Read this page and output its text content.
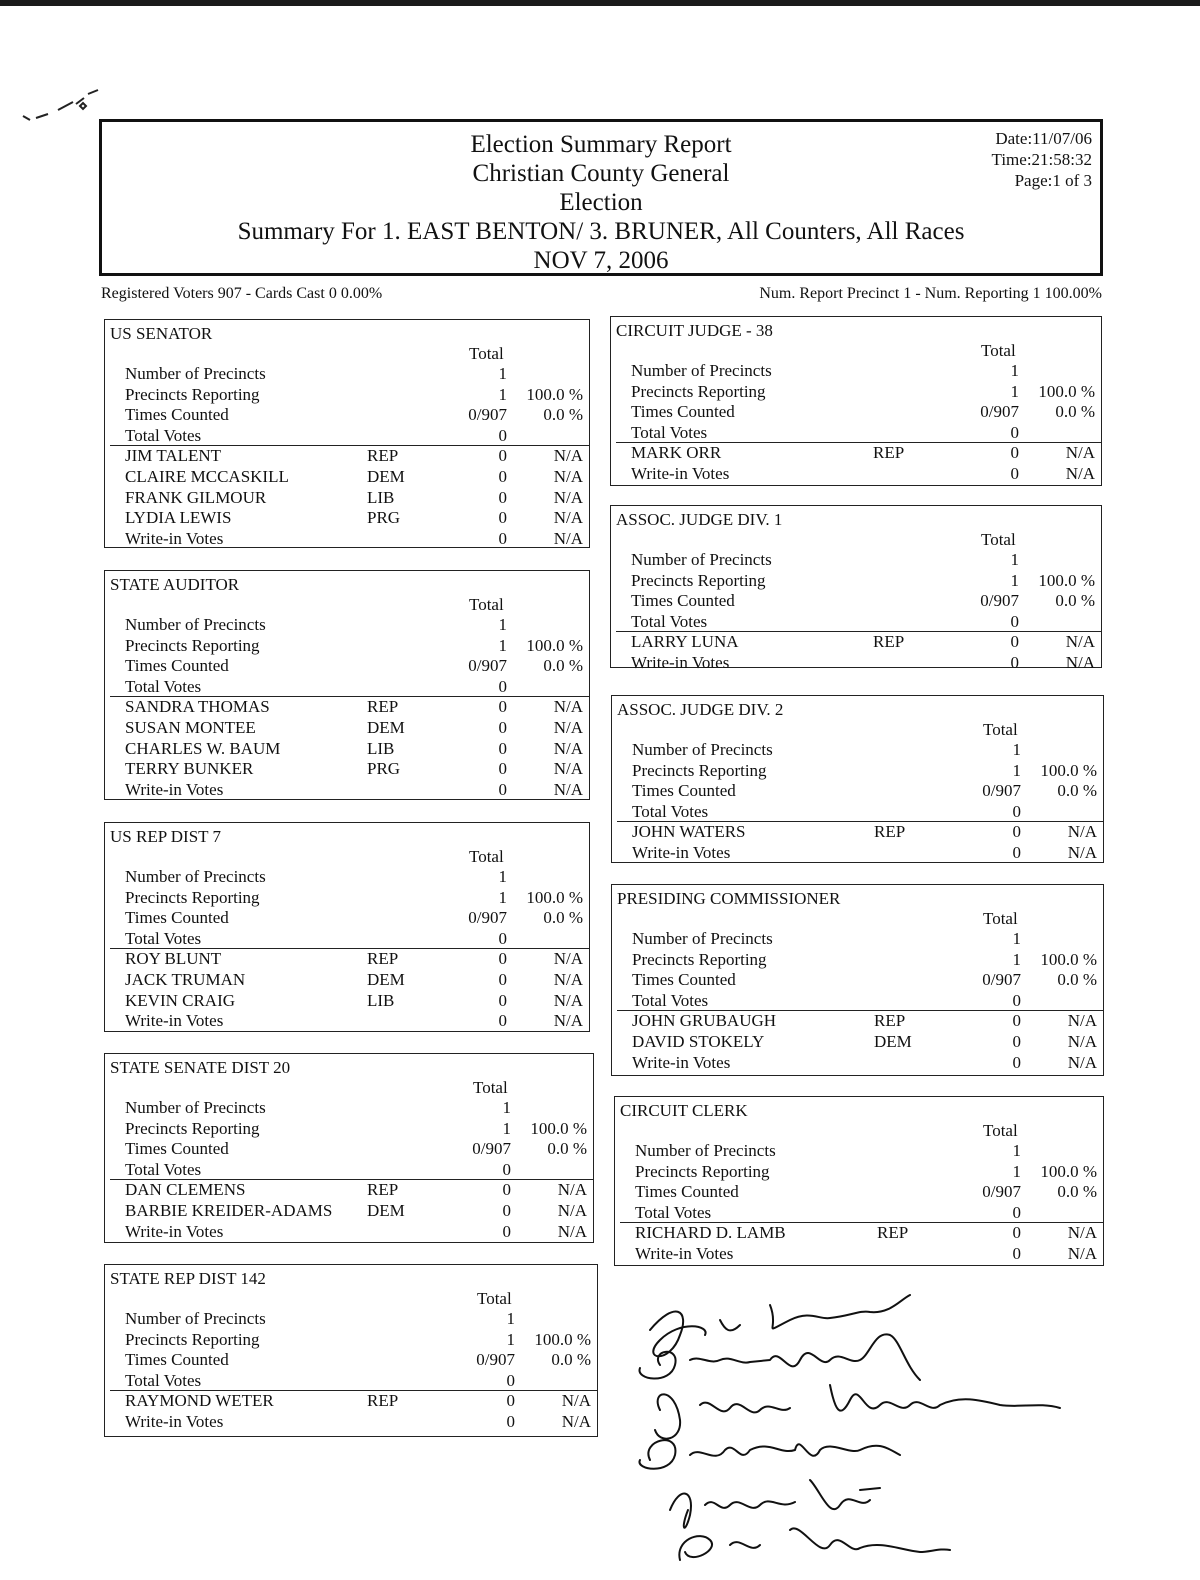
Election Summary Report
Christian County General
Election
Summary For 1. EAST BENTON/ 3. BRUNER, All Counters, All Races
NOV 7, 2006
Date:11/07/06
Time:21:58:32
Page:1 of 3
Registered Voters 907 - Cards Cast 0 0.00%	Num. Report Precinct 1 - Num. Reporting 1 100.00%
US SENATOR
Total
Number of Precincts	1
Precincts Reporting	1 100.0 %
Times Counted	0/907 0.0 %
Total Votes	0
JIM TALENT	REP	0	N/A
CLAIRE MCCASKILL	DEM	0	N/A
FRANK GILMOUR	LIB	0	N/A
LYDIA LEWIS	PRG	0	N/A
Write-in Votes	0	N/A
STATE AUDITOR
Total
Number of Precincts	1
Precincts Reporting	1 100.0 %
Times Counted	0/907 0.0 %
Total Votes	0
SANDRA THOMAS	REP	0	N/A
SUSAN MONTEE	DEM	0	N/A
CHARLES W. BAUM	LIB	0	N/A
TERRY BUNKER	PRG	0	N/A
Write-in Votes	0	N/A
US REP DIST 7
Total
Number of Precincts	1
Precincts Reporting	1 100.0 %
Times Counted	0/907 0.0 %
Total Votes	0
ROY BLUNT	REP	0	N/A
JACK TRUMAN	DEM	0	N/A
KEVIN CRAIG	LIB	0	N/A
Write-in Votes	0	N/A
STATE SENATE DIST 20
Total
Number of Precincts	1
Precincts Reporting	1 100.0 %
Times Counted	0/907 0.0 %
Total Votes	0
DAN CLEMENS	REP	0	N/A
BARBIE KREIDER-ADAMS DEM	0	N/A
Write-in Votes	0	N/A
STATE REP DIST 142
Total
Number of Precincts	1
Precincts Reporting	1 100.0 %
Times Counted	0/907 0.0 %
Total Votes	0
RAYMOND WETER	REP	0	N/A
Write-in Votes	0	N/A
CIRCUIT JUDGE - 38
Total
Number of Precincts	1
Precincts Reporting	1 100.0 %
Times Counted	0/907 0.0 %
Total Votes	0
MARK ORR	REP	0	N/A
Write-in Votes	0	N/A
ASSOC. JUDGE DIV. 1
Total
Number of Precincts	1
Precincts Reporting	1 100.0 %
Times Counted	0/907 0.0 %
Total Votes	0
LARRY LUNA	REP	0	N/A
Write-in Votes	0	N/A
ASSOC. JUDGE DIV. 2
Total
Number of Precincts	1
Precincts Reporting	1 100.0 %
Times Counted	0/907 0.0 %
Total Votes	0
JOHN WATERS	REP	0	N/A
Write-in Votes	0	N/A
PRESIDING COMMISSIONER
Total
Number of Precincts	1
Precincts Reporting	1 100.0 %
Times Counted	0/907 0.0 %
Total Votes	0
JOHN GRUBAUGH	REP	0	N/A
DAVID STOKELY	DEM	0	N/A
Write-in Votes	0	N/A
CIRCUIT CLERK
Total
Number of Precincts	1
Precincts Reporting	1 100.0 %
Times Counted	0/907 0.0 %
Total Votes	0
RICHARD D. LAMB	REP	0	N/A
Write-in Votes	0	N/A
